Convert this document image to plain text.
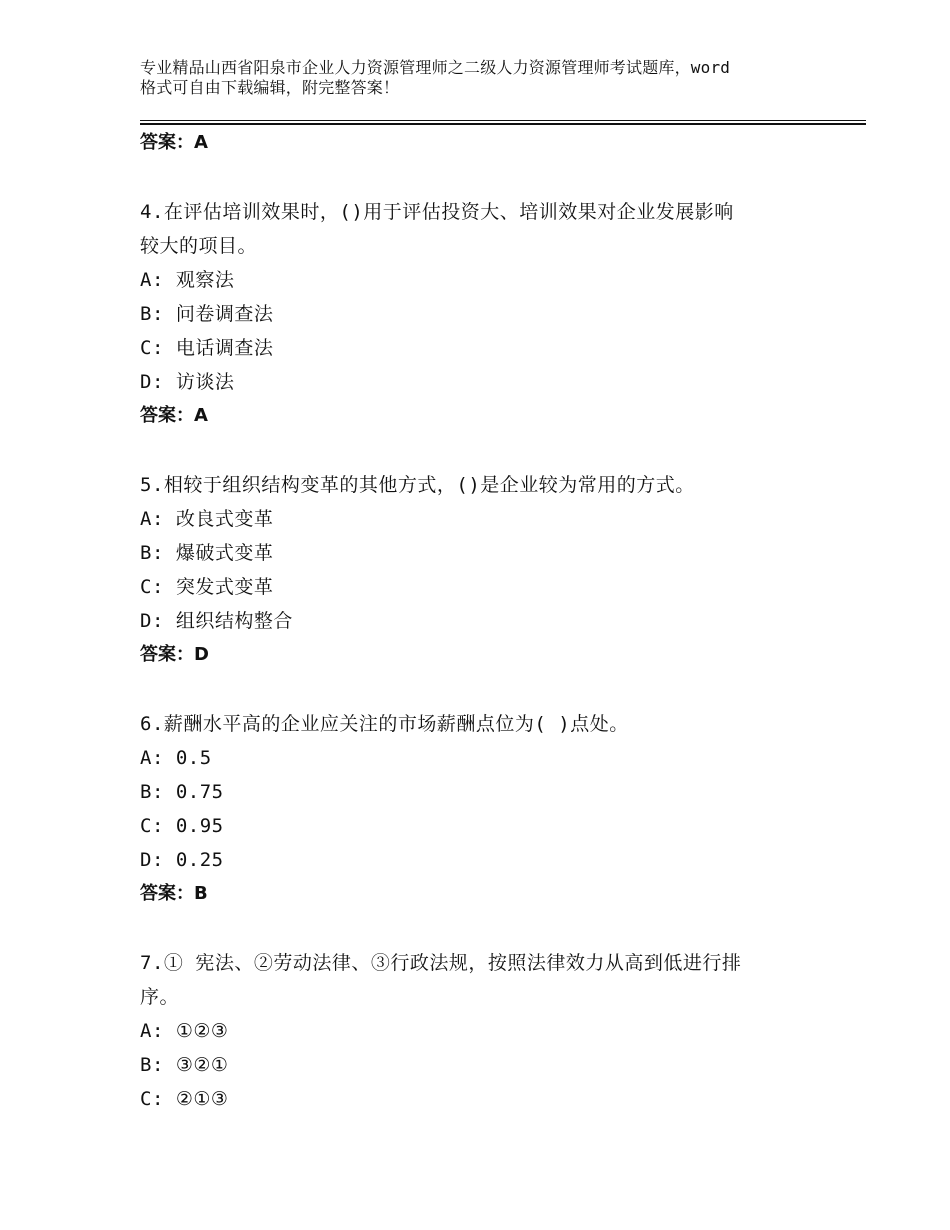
专业精品山西省阳泉市企业人力资源管理师之二级人力资源管理师考试题库，word
格式可自由下载编辑，附完整答案！
答案：A
4.在评估培训效果时，()用于评估投资大、培训效果对企业发展影响
较大的项目。
A: 观察法
B: 问卷调查法
C: 电话调查法
D: 访谈法
答案：A
5.相较于组织结构变革的其他方式，()是企业较为常用的方式。
A: 改良式变革
B: 爆破式变革
C: 突发式变革
D: 组织结构整合
答案：D
6.薪酬水平高的企业应关注的市场薪酬点位为( )点处。
A: 0.5
B: 0.75
C: 0.95
D: 0.25
答案：B
7.① 宪法、②劳动法律、③行政法规，按照法律效力从高到低进行排
序。
A: ①②③
B: ③②①
C: ②①③
